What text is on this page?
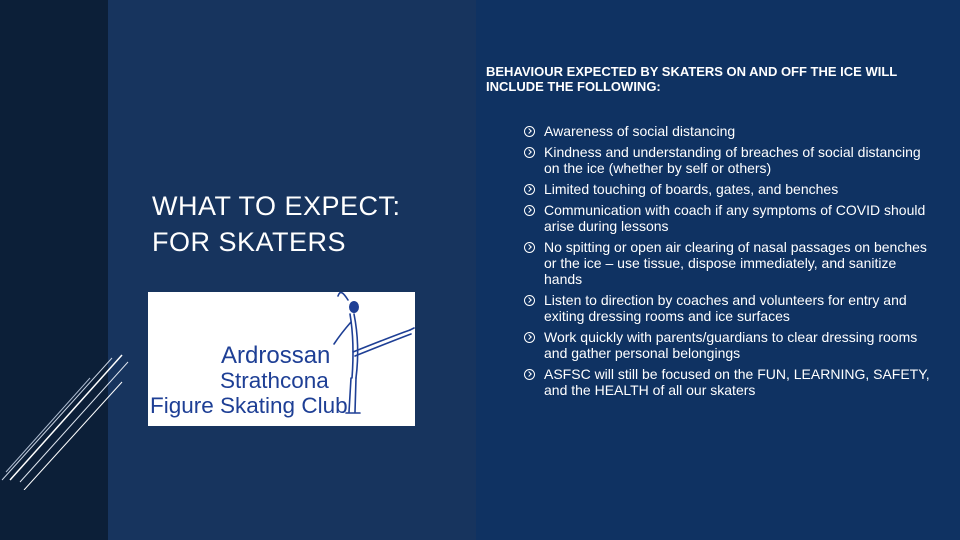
WHAT TO EXPECT: FOR SKATERS
Ardrossan
Strathcona
Figure Skating Club
BEHAVIOUR EXPECTED BY SKATERS ON AND OFF THE ICE WILL INCLUDE THE FOLLOWING:
Awareness of social distancing
Kindness and understanding of breaches of social distancing on the ice (whether by self or others)
Limited touching of boards, gates, and benches
Communication with coach if any symptoms of COVID should arise during lessons
No spitting or open air clearing of nasal passages on benches or the ice – use tissue, dispose immediately, and sanitize hands
Listen to direction by coaches and volunteers for entry and exiting dressing rooms and ice surfaces
Work quickly with parents/guardians to clear dressing rooms and gather personal belongings
ASFSC will still be focused on the FUN, LEARNING, SAFETY, and the HEALTH of all our skaters
